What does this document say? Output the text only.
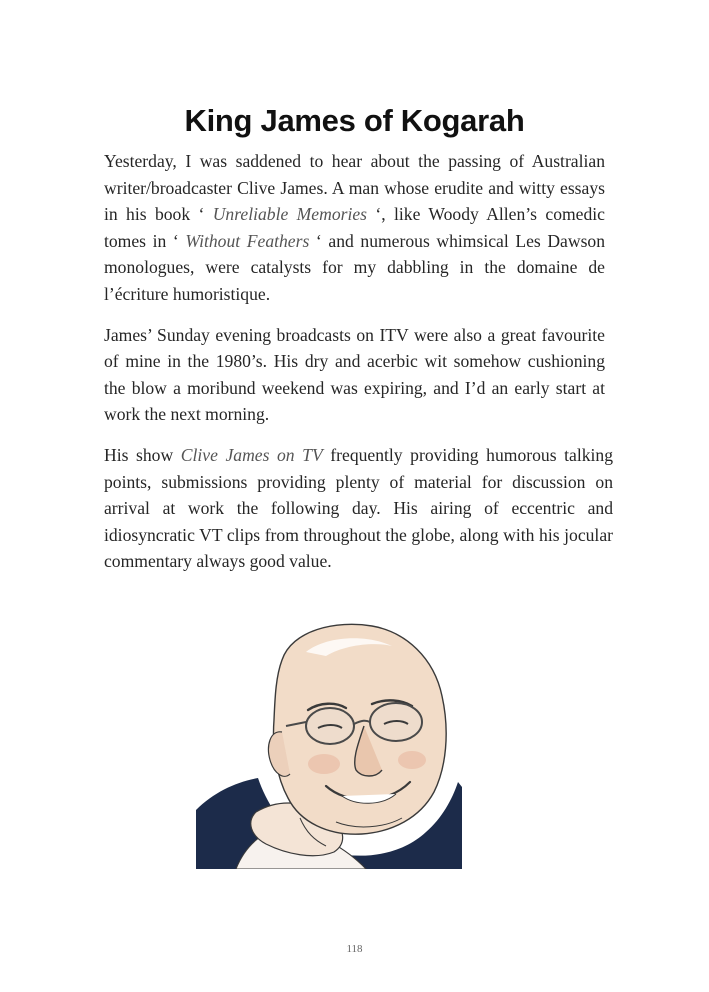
King James of Kogarah

Yesterday, I was saddened to hear about the passing of Australian writer/broadcaster Clive James. A man whose erudite and witty essays in his book ‘ Unreliable Memories ‘, like Woody Allen’s comedic tomes in ‘ Without Feathers ‘ and numerous whimsical Les Dawson monologues, were catalysts for my dabbling in the domaine de l’écriture humoristique.

James’ Sunday evening broadcasts on ITV were also a great favourite of mine in the 1980’s. His dry and acerbic wit somehow cushioning the blow a moribund weekend was expiring, and I’d an early start at work the next morning.

His show Clive James on TV frequently providing humorous talking points, submissions providing plenty of material for discussion on arrival at work the following day. His airing of eccentric and idiosyncratic VT clips from throughout the globe, along with his jocular commentary always good value.

118
